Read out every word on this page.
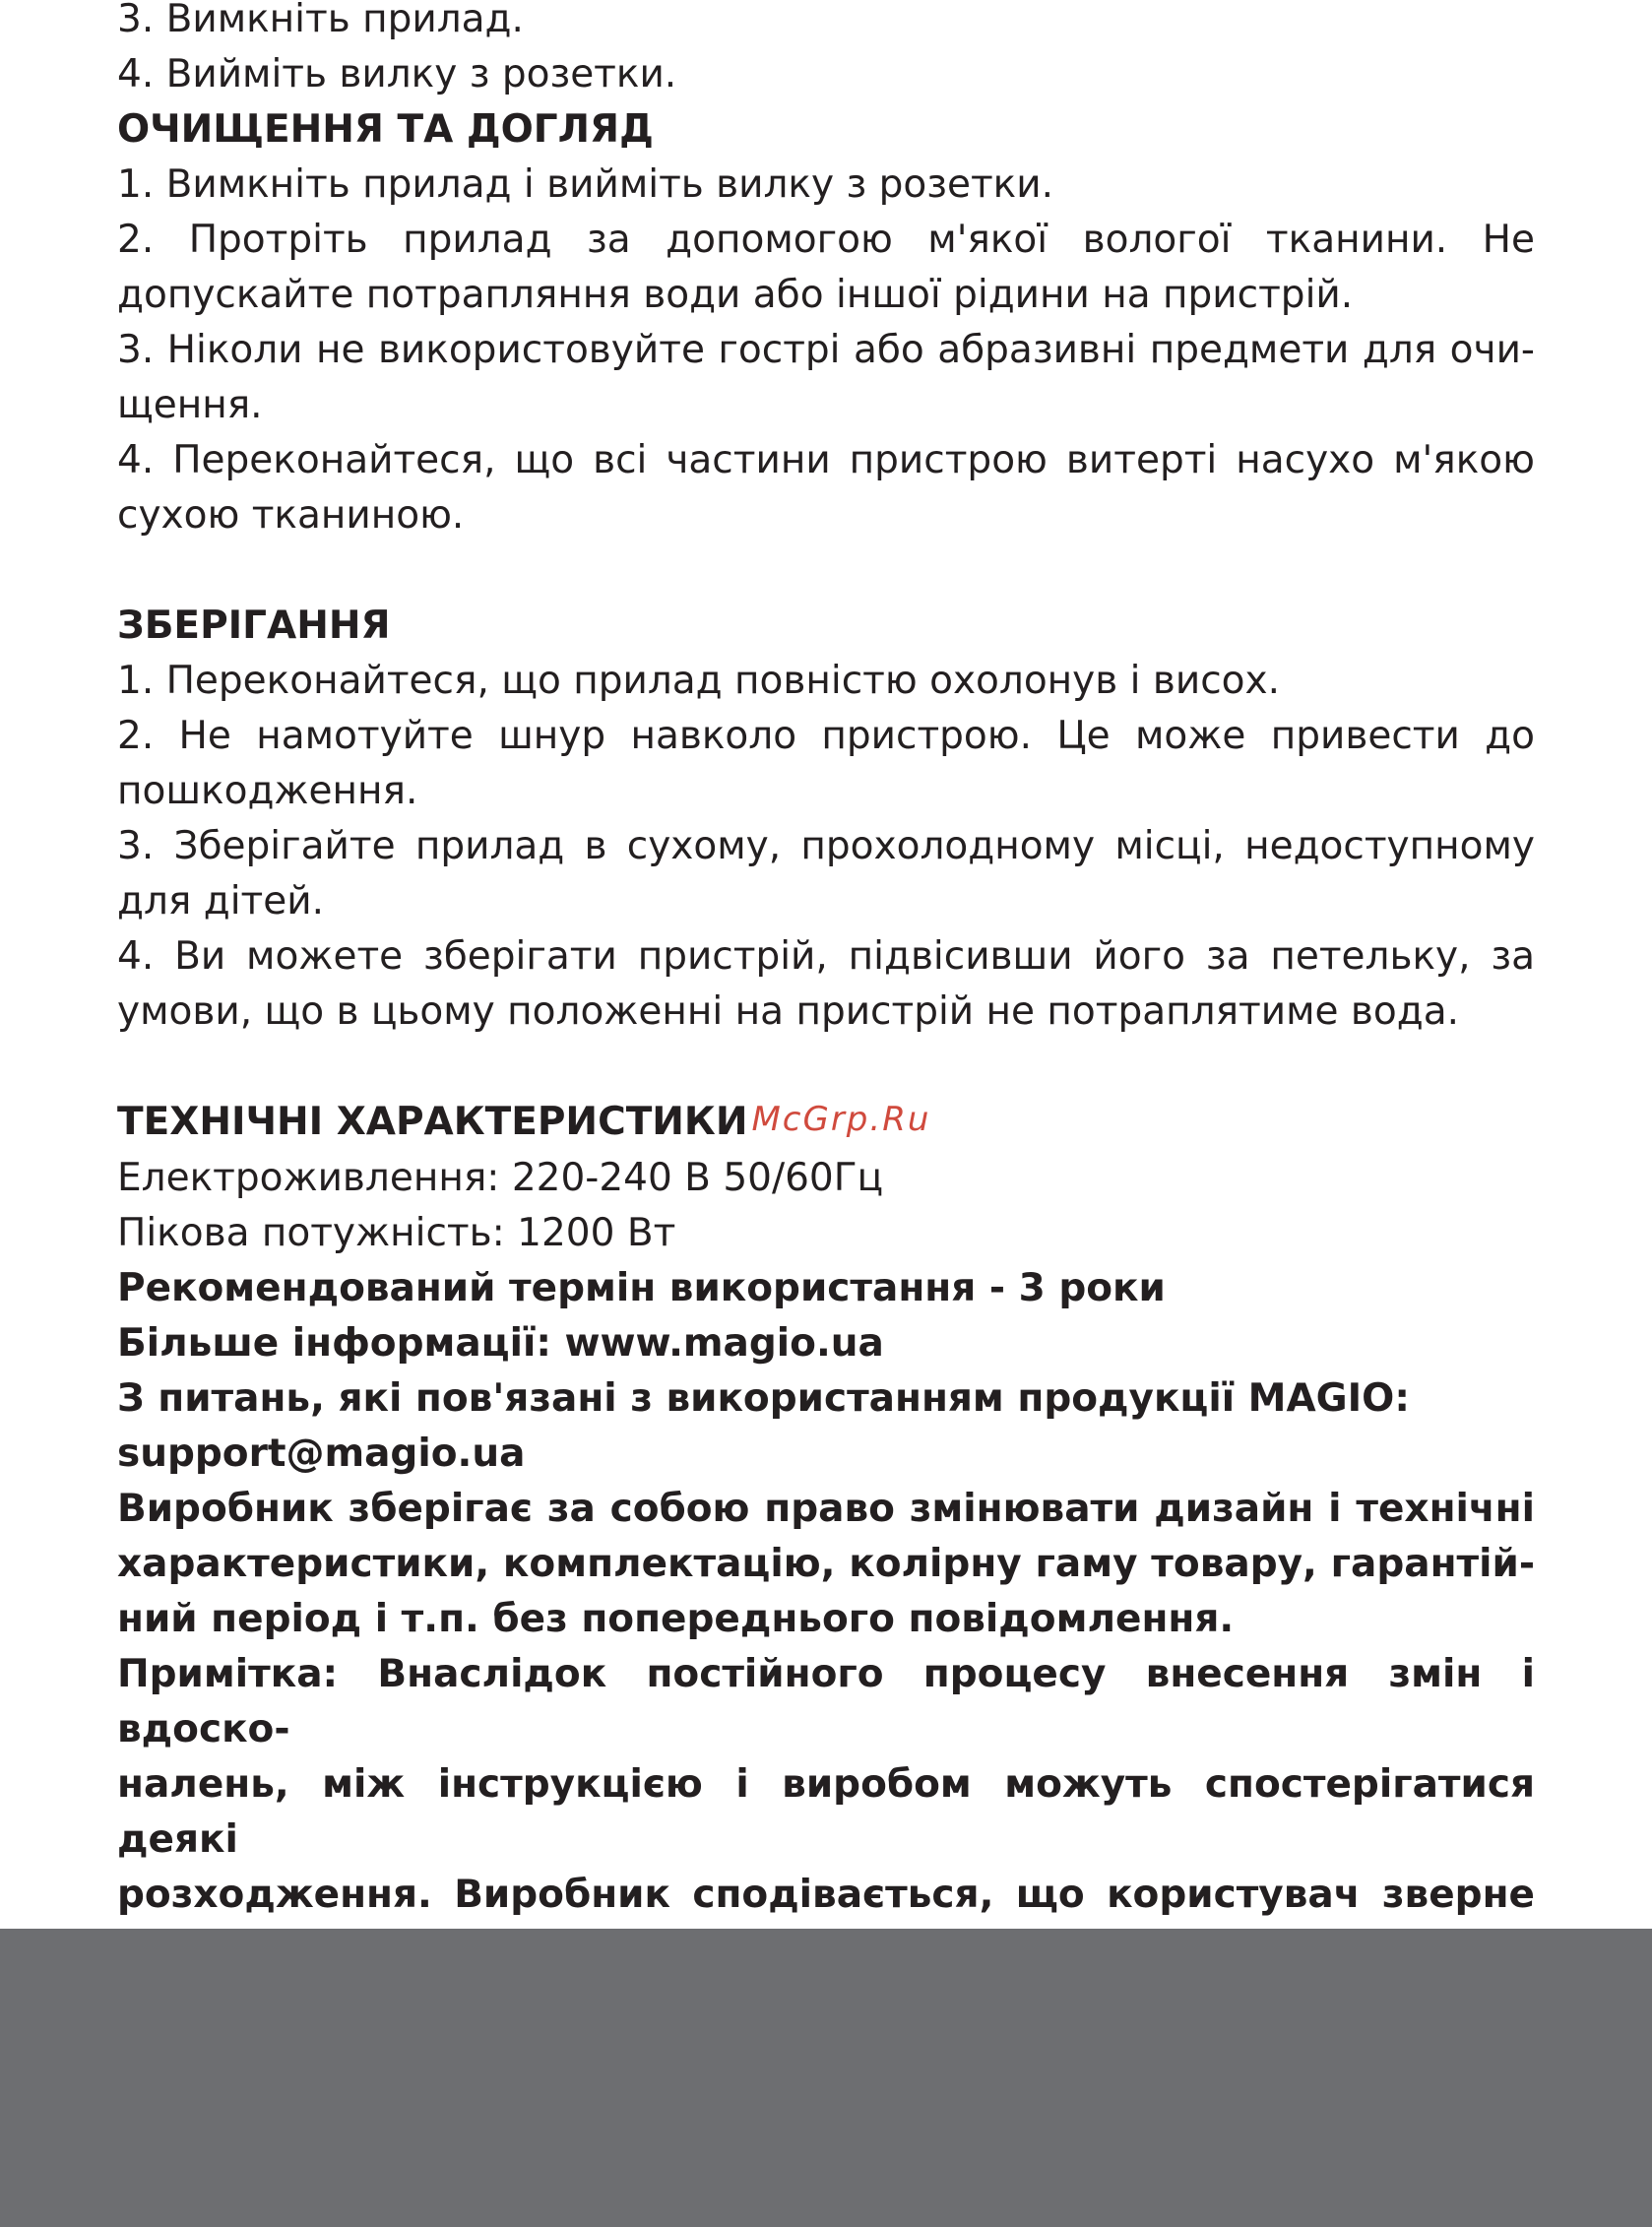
3. Вимкніть прилад.
4. Вийміть вилку з розетки.
ОЧИЩЕННЯ ТА ДОГЛЯД
1. Вимкніть прилад і вийміть вилку з розетки.
2. Протріть прилад за допомогою м'якої вологої тканини. Не
допускайте потрапляння води або іншої рідини на пристрій.
3. Ніколи не використовуйте гострі або абразивні предмети для очи-
щення.
4. Переконайтеся, що всі частини пристрою витерті насухо м'якою
сухою тканиною.
ЗБЕРІГАННЯ
1. Переконайтеся, що прилад повністю охолонув і висох.
2. Не намотуйте шнур навколо пристрою. Це може привести до
пошкодження.
3. Зберігайте прилад в сухому, прохолодному місці, недоступному
для дітей.
4. Ви можете зберігати пристрій, підвісивши його за петельку, за
умови, що в цьому положенні на пристрій не потраплятиме вода.
ТЕХНІЧНІ ХАРАКТЕРИСТИКИ McGrp.Ru
Електроживлення: 220-240 В 50/60Гц
Пікова потужність: 1200 Вт
Рекомендований термін використання - 3 роки
Більше інформації: www.magio.ua
З питань, які пов'язані з використанням продукції MAGIO:
support@magio.ua
Виробник зберігає за собою право змінювати дизайн і технічні
характеристики, комплектацію, колірну гаму товару, гарантій-
ний період і т.п. без попереднього повідомлення.
Примітка: Внаслідок постійного процесу внесення змін і вдоско-
налень, між інструкцією і виробом можуть спостерігатися деякі
розходження. Виробник сподівається, що користувач зверне
